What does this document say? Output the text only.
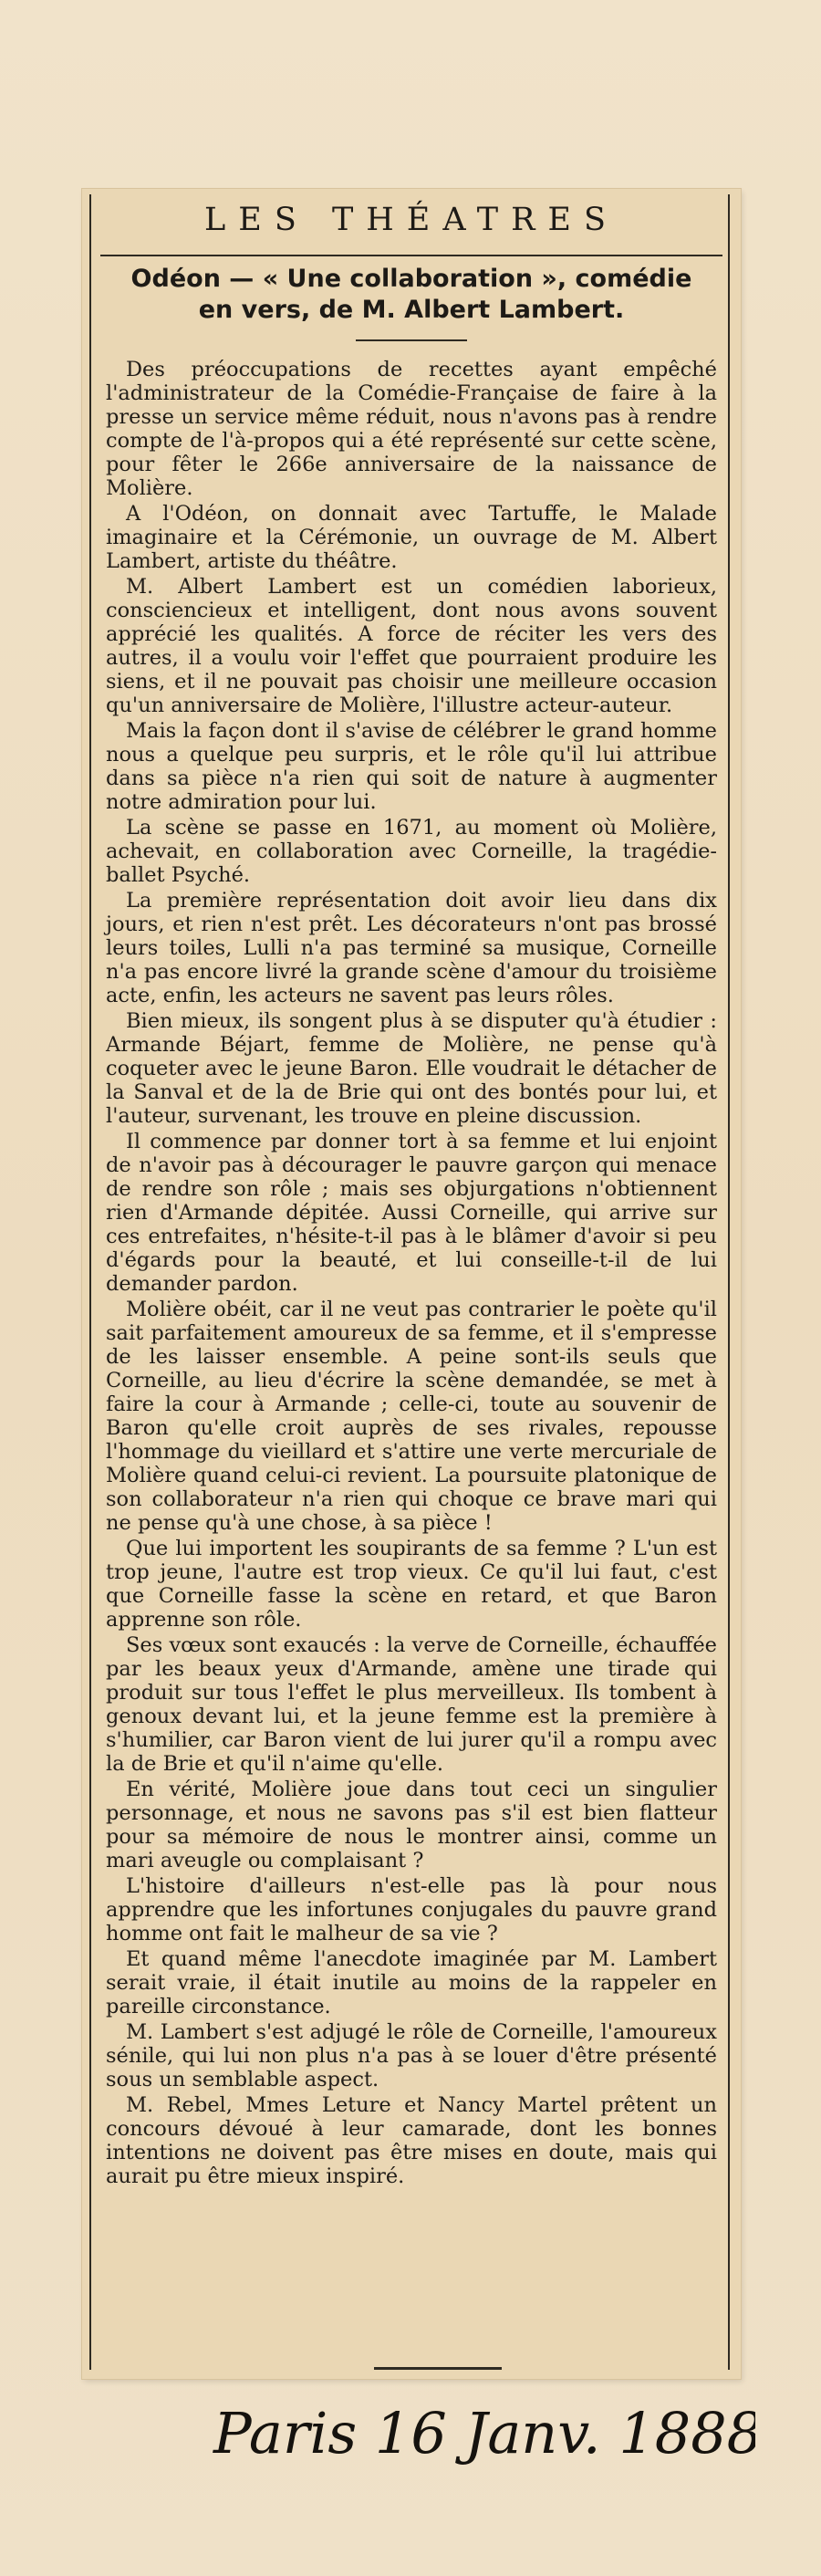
LES THÉATRES
Odéon — « Une collaboration », comédie
en vers, de M. Albert Lambert.

Des préoccupations de recettes ayant empêché l'administrateur de la Comédie-Française de faire à la presse un service même réduit, nous n'avons pas à rendre compte de l'à-propos qui a été représenté sur cette scène, pour fêter le 266e anniversaire de la naissance de Molière.

A l'Odéon, on donnait avec Tartuffe, le Malade imaginaire et la Cérémonie, un ouvrage de M. Albert Lambert, artiste du théâtre.

M. Albert Lambert est un comédien laborieux, consciencieux et intelligent, dont nous avons souvent apprécié les qualités. A force de réciter les vers des autres, il a voulu voir l'effet que pourraient produire les siens, et il ne pouvait pas choisir une meilleure occasion qu'un anniversaire de Molière, l'illustre acteur-auteur.

Mais la façon dont il s'avise de célébrer le grand homme nous a quelque peu surpris, et le rôle qu'il lui attribue dans sa pièce n'a rien qui soit de nature à augmenter notre admiration pour lui.

La scène se passe en 1671, au moment où Molière, achevait, en collaboration avec Corneille, la tragédie-ballet Psyché.

La première représentation doit avoir lieu dans dix jours, et rien n'est prêt. Les décorateurs n'ont pas brossé leurs toiles, Lulli n'a pas terminé sa musique, Corneille n'a pas encore livré la grande scène d'amour du troisième acte, enfin, les acteurs ne savent pas leurs rôles.

Bien mieux, ils songent plus à se disputer qu'à étudier : Armande Béjart, femme de Molière, ne pense qu'à coqueter avec le jeune Baron. Elle voudrait le détacher de la Sanval et de la de Brie qui ont des bontés pour lui, et l'auteur, survenant, les trouve en pleine discussion.

Il commence par donner tort à sa femme et lui enjoint de n'avoir pas à décourager le pauvre garçon qui menace de rendre son rôle ; mais ses objurgations n'obtiennent rien d'Armande dépitée. Aussi Corneille, qui arrive sur ces entrefaites, n'hésite-t-il pas à le blâmer d'avoir si peu d'égards pour la beauté, et lui conseille-t-il de lui demander pardon.

Molière obéit, car il ne veut pas contrarier le poète qu'il sait parfaitement amoureux de sa femme, et il s'empresse de les laisser ensemble. A peine sont-ils seuls que Corneille, au lieu d'écrire la scène demandée, se met à faire la cour à Armande ; celle-ci, toute au souvenir de Baron qu'elle croit auprès de ses rivales, repousse l'hommage du vieillard et s'attire une verte mercuriale de Molière quand celui-ci revient. La poursuite platonique de son collaborateur n'a rien qui choque ce brave mari qui ne pense qu'à une chose, à sa pièce !

Que lui importent les soupirants de sa femme ? L'un est trop jeune, l'autre est trop vieux. Ce qu'il lui faut, c'est que Corneille fasse la scène en retard, et que Baron apprenne son rôle.

Ses vœux sont exaucés : la verve de Corneille, échauffée par les beaux yeux d'Armande, amène une tirade qui produit sur tous l'effet le plus merveilleux. Ils tombent à genoux devant lui, et la jeune femme est la première à s'humilier, car Baron vient de lui jurer qu'il a rompu avec la de Brie et qu'il n'aime qu'elle.

En vérité, Molière joue dans tout ceci un singulier personnage, et nous ne savons pas s'il est bien flatteur pour sa mémoire de nous le montrer ainsi, comme un mari aveugle ou complaisant ?

L'histoire d'ailleurs n'est-elle pas là pour nous apprendre que les infortunes conjugales du pauvre grand homme ont fait le malheur de sa vie ?

Et quand même l'anecdote imaginée par M. Lambert serait vraie, il était inutile au moins de la rappeler en pareille circonstance.

M. Lambert s'est adjugé le rôle de Corneille, l'amoureux sénile, qui lui non plus n'a pas à se louer d'être présenté sous un semblable aspect.

M. Rebel, Mmes Leture et Nancy Martel prêtent un concours dévoué à leur camarade, dont les bonnes intentions ne doivent pas être mises en doute, mais qui aurait pu être mieux inspiré.

Paris 16 Janv. 1888.
